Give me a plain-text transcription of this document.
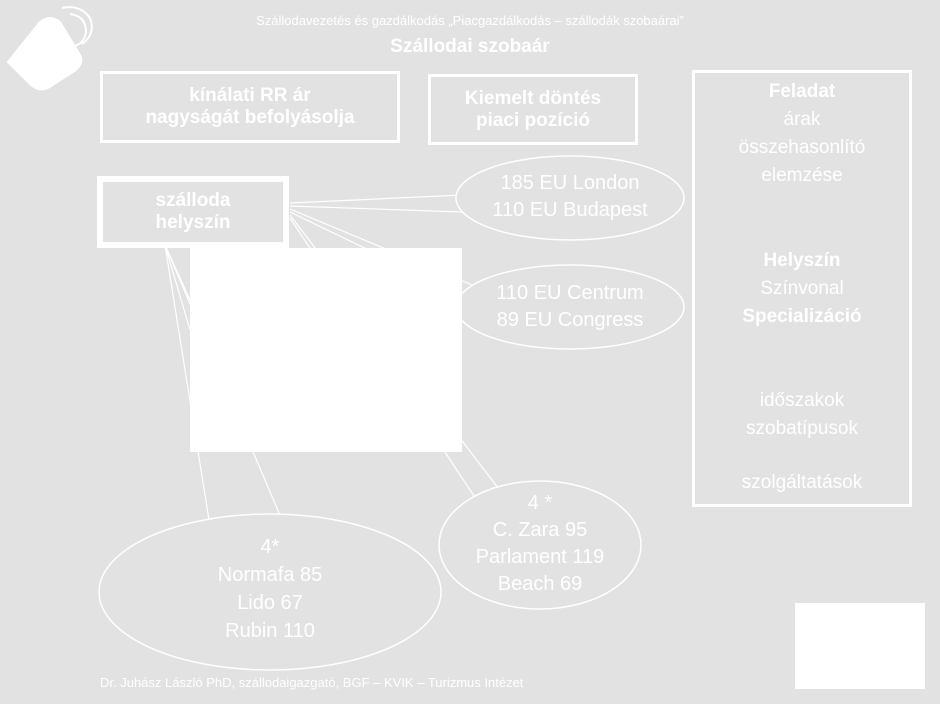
Szállodavezetés és gazdálkodás „Piacgazdálkodás – szállodák szobaárai”
Szállodai szobaár
kínálati RR ár
nagyságát befolyásolja
Kiemelt döntés
piaci pozíció
szálloda
helyszín
Feladat
árak
összehasonlító
elemzése
Helyszín
Színvonal
Specializáció
időszakok
szobatípusok
szolgáltatások
185 EU London
110 EU Budapest
110 EU Centrum
89 EU Congress
4 *
C. Zara 95
Parlament 119
Beach 69
4*
Normafa 85
Lido 67
Rubin 110
Dr. Juhász László PhD, szállodaigazgató, BGF – KVIK – Turizmus Intézet
